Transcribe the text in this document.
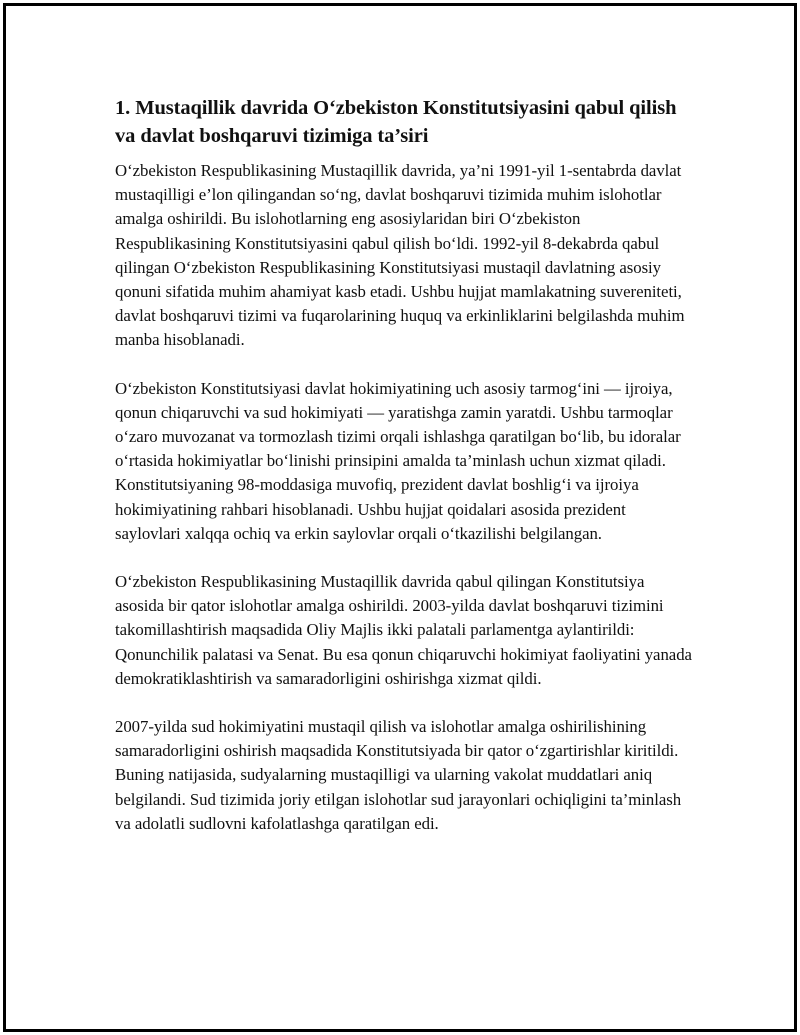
1. Mustaqillik davrida O‘zbekiston Konstitutsiyasini qabul qilish va davlat boshqaruvi tizimiga ta’siri

O‘zbekiston Respublikasining Mustaqillik davrida, ya’ni 1991-yil 1-sentabrda davlat mustaqilligi e’lon qilingandan so‘ng, davlat boshqaruvi tizimida muhim islohotlar amalga oshirildi. Bu islohotlarning eng asosiylaridan biri O‘zbekiston Respublikasining Konstitutsiyasini qabul qilish bo‘ldi. 1992-yil 8-dekabrda qabul qilingan O‘zbekiston Respublikasining Konstitutsiyasi mustaqil davlatning asosiy qonuni sifatida muhim ahamiyat kasb etadi. Ushbu hujjat mamlakatning suvereniteti, davlat boshqaruvi tizimi va fuqarolarining huquq va erkinliklarini belgilashda muhim manba hisoblanadi.

O‘zbekiston Konstitutsiyasi davlat hokimiyatining uch asosiy tarmog‘ini — ijroiya, qonun chiqaruvchi va sud hokimiyati — yaratishga zamin yaratdi. Ushbu tarmoqlar o‘zaro muvozanat va tormozlash tizimi orqali ishlashga qaratilgan bo‘lib, bu idoralar o‘rtasida hokimiyatlar bo‘linishi prinsipini amalda ta’minlash uchun xizmat qiladi. Konstitutsiyaning 98-moddasiga muvofiq, prezident davlat boshlig‘i va ijroiya hokimiyatining rahbari hisoblanadi. Ushbu hujjat qoidalari asosida prezident saylovlari xalqqa ochiq va erkin saylovlar orqali o‘tkazilishi belgilangan.

O‘zbekiston Respublikasining Mustaqillik davrida qabul qilingan Konstitutsiya asosida bir qator islohotlar amalga oshirildi. 2003-yilda davlat boshqaruvi tizimini takomillashtirish maqsadida Oliy Majlis ikki palatali parlamentga aylantirildi: Qonunchilik palatasi va Senat. Bu esa qonun chiqaruvchi hokimiyat faoliyatini yanada demokratiklashtirish va samaradorligini oshirishga xizmat qildi.

2007-yilda sud hokimiyatini mustaqil qilish va islohotlar amalga oshirilishining samaradorligini oshirish maqsadida Konstitutsiyada bir qator o‘zgartirishlar kiritildi. Buning natijasida, sudyalarning mustaqilligi va ularning vakolat muddatlari aniq belgilandi. Sud tizimida joriy etilgan islohotlar sud jarayonlari ochiqligini ta’minlash va adolatli sudlovni kafolatlashga qaratilgan edi.
